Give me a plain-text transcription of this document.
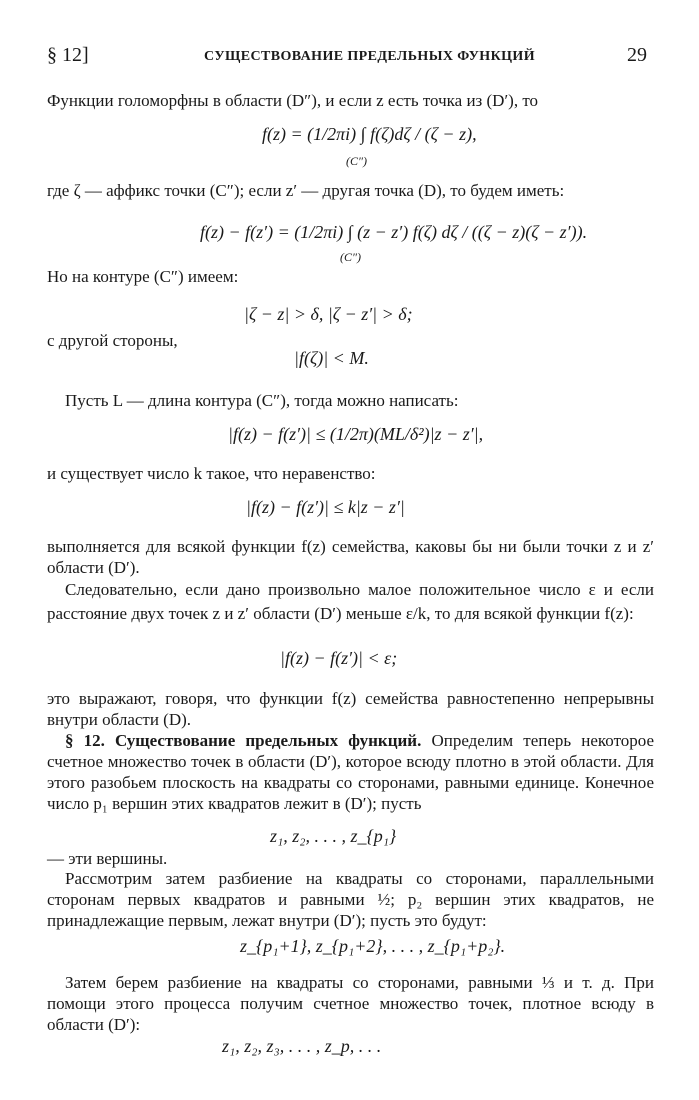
§ 12]	СУЩЕСТВОВАНИЕ ПРЕДЕЛЬНЫХ ФУНКЦИЙ	29
Функции голоморфны в области (D″), и если z есть точка из (D′), то
f(z) = (1/2πi) ∫ f(ζ)dζ / (ζ − z),
(C″)
где ζ — аффикс точки (C″); если z′ — другая точка (D), то будем иметь:
f(z) − f(z′) = (1/2πi) ∫ (z − z′) f(ζ) dζ / ((ζ − z)(ζ − z′)).
(C″)
Но на контуре (C″) имеем:
|ζ − z| > δ, |ζ − z′| > δ;
с другой стороны,
|f(ζ)| < M.
Пусть L — длина контура (C″), тогда можно написать:
|f(z) − f(z′)| ≤ (1/2π)(ML/δ²)|z − z′|,
и существует число k такое, что неравенство:
|f(z) − f(z′)| ≤ k|z − z′|
выполняется для всякой функции f(z) семейства, каковы бы ни были точки z и z′ области (D′).
Следовательно, если дано произвольно малое положительное число ε и если расстояние двух точек z и z′ области (D′) меньше ε/k, то для всякой функции f(z):
|f(z) − f(z′)| < ε;
это выражают, говоря, что функции f(z) семейства равностепенно непрерывны внутри области (D).
§ 12. Существование предельных функций. Определим теперь некоторое счетное множество точек в области (D′), которое всюду плотно в этой области. Для этого разобьем плоскость на квадраты со сторонами, равными единице. Конечное число p₁ вершин этих квадратов лежит в (D′); пусть
z₁, z₂, . . . , z_{p₁}
— эти вершины.
Рассмотрим затем разбиение на квадраты со сторонами, параллельными сторонам первых квадратов и равными ½; p₂ вершин этих квадратов, не принадлежащие первым, лежат внутри (D′); пусть это будут:
z_{p₁+1}, z_{p₁+2}, . . . , z_{p₁+p₂}.
Затем берем разбиение на квадраты со сторонами, равными ⅓ и т. д. При помощи этого процесса получим счетное множество точек, плотное всюду в области (D′):
z₁, z₂, z₃, . . . , z_p, . . .
